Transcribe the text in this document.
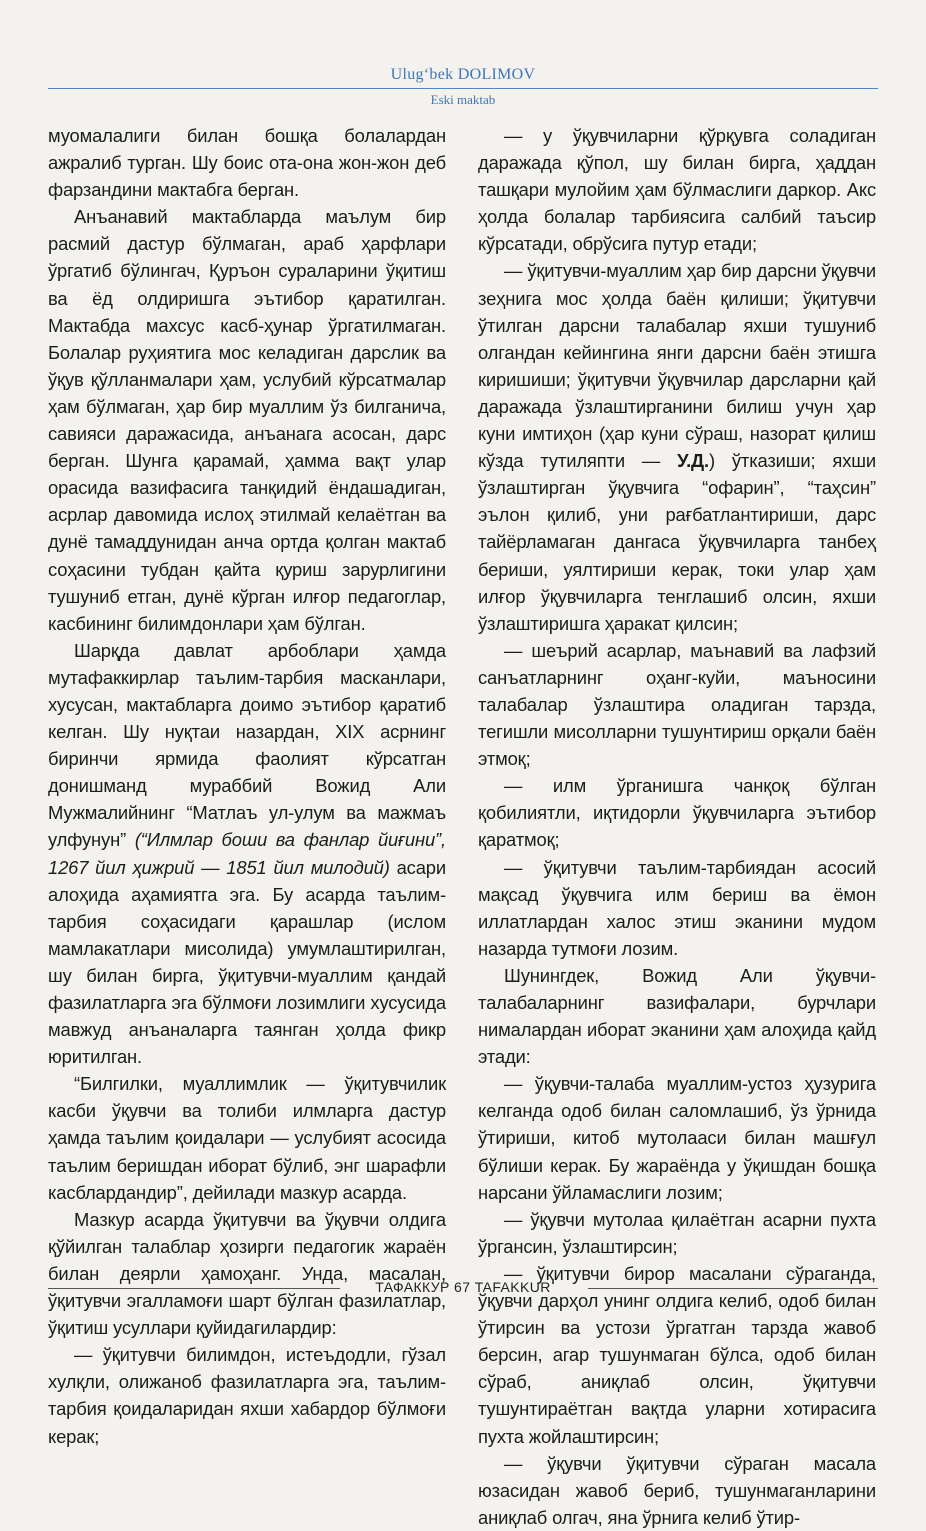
Ulug‘bek DOLIMOV
Eski maktab

муомалалиги билан бошқа болалардан ажралиб турган. Шу боис ота-она жон-жон деб фарзандини мактабга берган.

Анъанавий мактабларда маълум бир расмий дастур бўлмаган, араб ҳарфлари ўргатиб бўлингач, Қуръон сураларини ўқитиш ва ёд олдиришга эътибор қаратилган. Мактабда махсус касб-ҳунар ўргатилмаган. Болалар руҳиятига мос келадиган дарслик ва ўқув қўлланмалари ҳам, услубий кўрсатмалар ҳам бўлмаган, ҳар бир муаллим ўз билганича, савияси даражасида, анъанага асосан, дарс берган. Шунга қарамай, ҳамма вақт улар орасида вазифасига танқидий ёндашадиган, асрлар давомида ислоҳ этилмай келаётган ва дунё тамаддунидан анча ортда қолган мактаб соҳасини тубдан қайта қуриш зарурлигини тушуниб етган, дунё кўрган илғор педагоглар, касбининг билимдонлари ҳам бўлган.

Шарқда давлат арбоблари ҳамда мутафаккирлар таълим-тарбия масканлари, хусусан, мактабларга доимо эътибор қаратиб келган. Шу нуқтаи назардан, XIX асрнинг биринчи ярмида фаолият кўрсатган донишманд мураббий Вожид Али Мужмалийнинг “Матлаъ ул-улум ва мажмаъ улфунун” (“Илмлар боши ва фанлар йиғини”, 1267 йил ҳижрий — 1851 йил милодий) асари алоҳида аҳамиятга эга. Бу асарда таълим-тарбия соҳасидаги қарашлар (ислом мамлакатлари мисолида) умумлаштирилган, шу билан бирга, ўқитувчи-муаллим қандай фазилатларга эга бўлмоғи лозимлиги хусусида мавжуд анъаналарга таянган ҳолда фикр юритилган.

“Билгилки, муаллимлик — ўқитувчилик касби ўқувчи ва толиби илмларга дастур ҳамда таълим қоидалари — услубият асосида таълим беришдан иборат бўлиб, энг шарафли касблардандир”, дейилади мазкур асарда.

Мазкур асарда ўқитувчи ва ўқувчи олдига қўйилган талаблар ҳозирги педагогик жараён билан деярли ҳамоҳанг. Унда, масалан, ўқитувчи эгалламоғи шарт бўлган фазилатлар, ўқитиш усуллари қуйидагилардир:

— ўқитувчи билимдон, истеъдодли, гўзал хулқли, олижаноб фазилатларга эга, таълим-тарбия қоидаларидан яхши хабардор бўлмоғи керак;

— у ўқувчиларни қўрқувга соладиган даражада қўпол, шу билан бирга, ҳаддан ташқари мулойим ҳам бўлмаслиги даркор. Акс ҳолда болалар тарбиясига салбий таъсир кўрсатади, обрўсига путур етади;

— ўқитувчи-муаллим ҳар бир дарсни ўқувчи зеҳнига мос ҳолда баён қилиши; ўқитувчи ўтилган дарсни талабалар яхши тушуниб олгандан кейингина янги дарсни баён этишга киришиши; ўқитувчи ўқувчилар дарсларни қай даражада ўзлаштирганини билиш учун ҳар куни имтиҳон (ҳар куни сўраш, назорат қилиш кўзда тутиляпти — У.Д.) ўтказиши; яхши ўзлаштирган ўқувчига “офарин”, “таҳсин” эълон қилиб, уни рағбатлантириши, дарс тайёрламаган дангаса ўқувчиларга танбеҳ бериши, уялтириши керак, токи улар ҳам илғор ўқувчиларга тенглашиб олсин, яхши ўзлаштиришга ҳаракат қилсин;

— шеърий асарлар, маънавий ва лафзий санъатларнинг оҳанг-куйи, маъносини талабалар ўзлаштира оладиган тарзда, тегишли мисолларни тушунтириш орқали баён этмоқ;

— илм ўрганишга чанқоқ бўлган қобилиятли, иқтидорли ўқувчиларга эътибор қаратмоқ;

— ўқитувчи таълим-тарбиядан асосий мақсад ўқувчига илм бериш ва ёмон иллатлардан халос этиш эканини мудом назарда тутмоғи лозим.

Шунингдек, Вожид Али ўқувчи-талабаларнинг вазифалари, бурчлари нималардан иборат эканини ҳам алоҳида қайд этади:

— ўқувчи-талаба муаллим-устоз ҳузурига келганда одоб билан саломлашиб, ўз ўрнида ўтириши, китоб мутолааси билан машғул бўлиши керак. Бу жараёнда у ўқишдан бошқа нарсани ўйламаслиги лозим;

— ўқувчи мутолаа қилаётган асарни пухта ўргансин, ўзлаштирсин;

— ўқитувчи бирор масалани сўраганда, ўқувчи дарҳол унинг олдига келиб, одоб билан ўтирсин ва устози ўргатган тарзда жавоб берсин, агар тушунмаган бўлса, одоб билан сўраб, аниқлаб олсин, ўқитувчи тушунтираётган вақтда уларни хотирасига пухта жойлаштирсин;

— ўқувчи ўқитувчи сўраган масала юзасидан жавоб бериб, тушунмаганларини аниқлаб олгач, яна ўрнига келиб ўтир-

ТАФАККУР 67 TAFAKKUR
